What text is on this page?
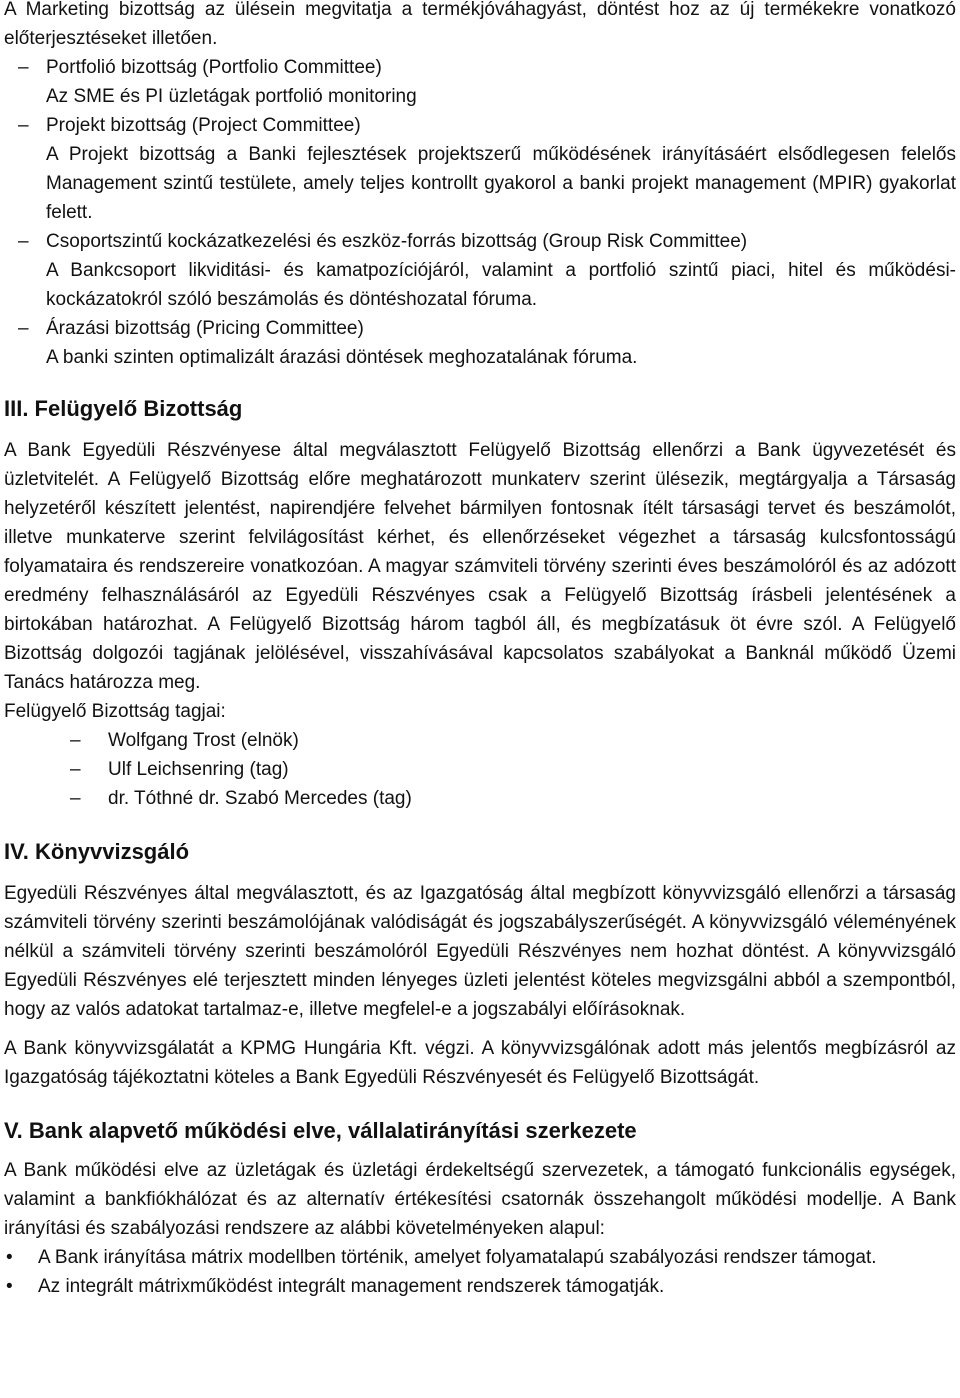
A Marketing bizottság az ülésein megvitatja a termékjóváhagyást, döntést hoz az új termékekre vonatkozó előterjesztéseket illetően.

– Portfolió bizottság (Portfolio Committee)

Az SME és PI üzletágak portfolió monitoring

– Projekt bizottság (Project Committee)

A Projekt bizottság a Banki fejlesztések projektszerű működésének irányításáért elsődlegesen felelős Management szintű testülete, amely teljes kontrollt gyakorol a banki projekt management (MPIR) gyakorlat felett.

– Csoportszintű kockázatkezelési és eszköz-forrás bizottság (Group Risk Committee)

A Bankcsoport likviditási- és kamatpozíciójáról, valamint a portfolió szintű piaci, hitel és működési-kockázatokról szóló beszámolás és döntéshozatal fóruma.

– Árazási bizottság (Pricing Committee)

A banki szinten optimalizált árazási döntések meghozatalának fóruma.

III. Felügyelő Bizottság

A Bank Egyedüli Részvényese által megválasztott Felügyelő Bizottság ellenőrzi a Bank ügyvezetését és üzletvitelét. A Felügyelő Bizottság előre meghatározott munkaterv szerint ülésezik, megtárgyalja a Társaság helyzetéről készített jelentést, napirendjére felvehet bármilyen fontosnak ítélt társasági tervet és beszámolót, illetve munkaterve szerint felvilágosítást kérhet, és ellenőrzéseket végezhet a társaság kulcsfontosságú folyamataira és rendszereire vonatkozóan. A magyar számviteli törvény szerinti éves beszámolóról és az adózott eredmény felhasználásáról az Egyedüli Részvényes csak a Felügyelő Bizottság írásbeli jelentésének a birtokában határozhat. A Felügyelő Bizottság három tagból áll, és megbízatásuk öt évre szól. A Felügyelő Bizottság dolgozói tagjának jelölésével, visszahívásával kapcsolatos szabályokat a Banknál működő Üzemi Tanács határozza meg.

Felügyelő Bizottság tagjai:

– Wolfgang Trost (elnök)
– Ulf Leichsenring (tag)
– dr. Tóthné dr. Szabó Mercedes (tag)
IV. Könyvvizsgáló

Egyedüli Részvényes által megválasztott, és az Igazgatóság által megbízott könyvvizsgáló ellenőrzi a társaság számviteli törvény szerinti beszámolójának valódiságát és jogszabályszerűségét. A könyvvizsgáló véleményének nélkül a számviteli törvény szerinti beszámolóról Egyedüli Részvényes nem hozhat döntést. A könyvvizsgáló Egyedüli Részvényes elé terjesztett minden lényeges üzleti jelentést köteles megvizsgálni abból a szempontból, hogy az valós adatokat tartalmaz-e, illetve megfelel-e a jogszabályi előírásoknak.

A Bank könyvvizsgálatát a KPMG Hungária Kft. végzi. A könyvvizsgálónak adott más jelentős megbízásról az Igazgatóság tájékoztatni köteles a Bank Egyedüli Részvényesét és Felügyelő Bizottságát.

V. Bank alapvető működési elve, vállalatirányítási szerkezete

A Bank működési elve az üzletágak és üzletági érdekeltségű szervezetek, a támogató funkcionális egységek, valamint a bankfiókhálózat és az alternatív értékesítési csatornák összehangolt működési modellje. A Bank irányítási és szabályozási rendszere az alábbi követelményeken alapul:

• A Bank irányítása mátrix modellben történik, amelyet folyamatalapú szabályozási rendszer támogat.
• Az integrált mátrixműködést integrált management rendszerek támogatják.
